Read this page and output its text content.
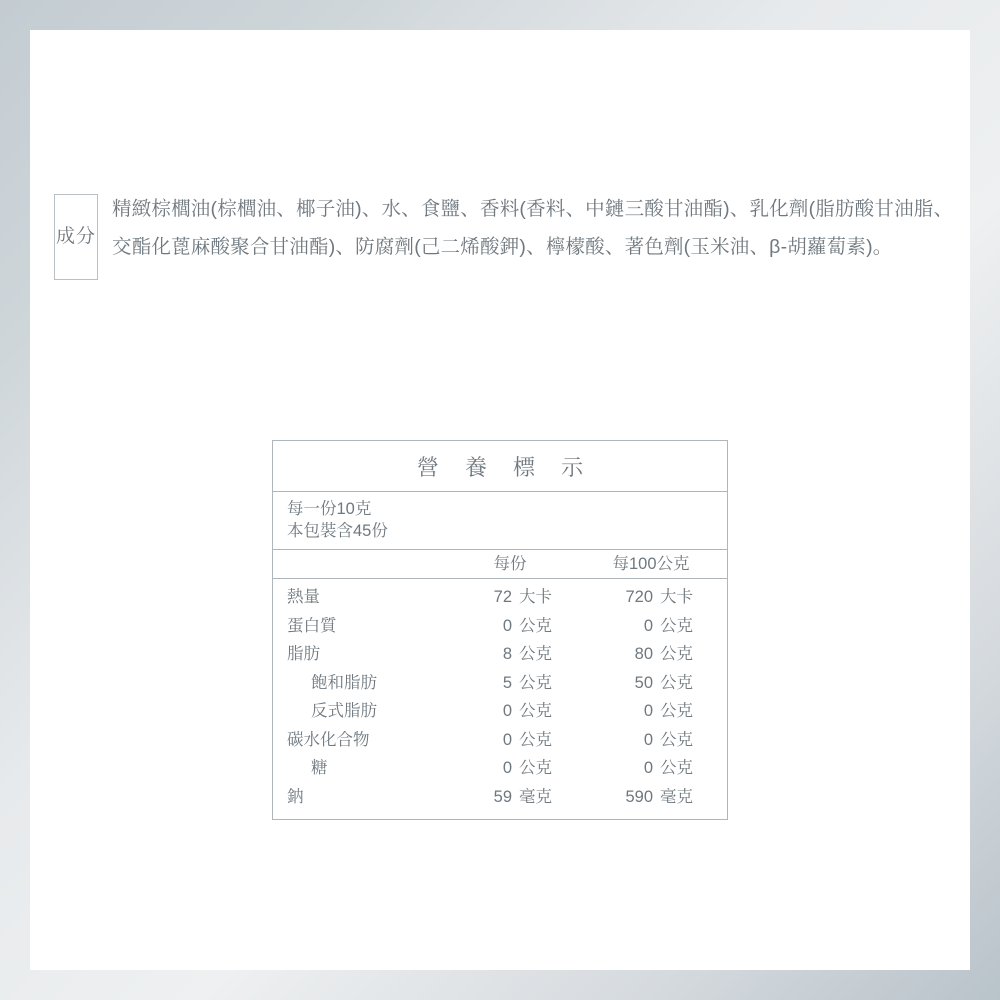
成分
精緻棕櫚油(棕櫚油、椰子油)、水、食鹽、香料(香料、中鏈三酸甘油酯)、乳化劑(脂肪酸甘油脂、交酯化蓖麻酸聚合甘油酯)、防腐劑(己二烯酸鉀)、檸檬酸、著色劑(玉米油、β-胡蘿蔔素)。
營 養 標 示
每一份10克
本包裝含45份
每份	每100公克
熱量	72 大卡	720 大卡
蛋白質	0 公克	0 公克
脂肪	8 公克	80 公克
飽和脂肪	5 公克	50 公克
反式脂肪	0 公克	0 公克
碳水化合物	0 公克	0 公克
糖	0 公克	0 公克
鈉	59 毫克	590 毫克
